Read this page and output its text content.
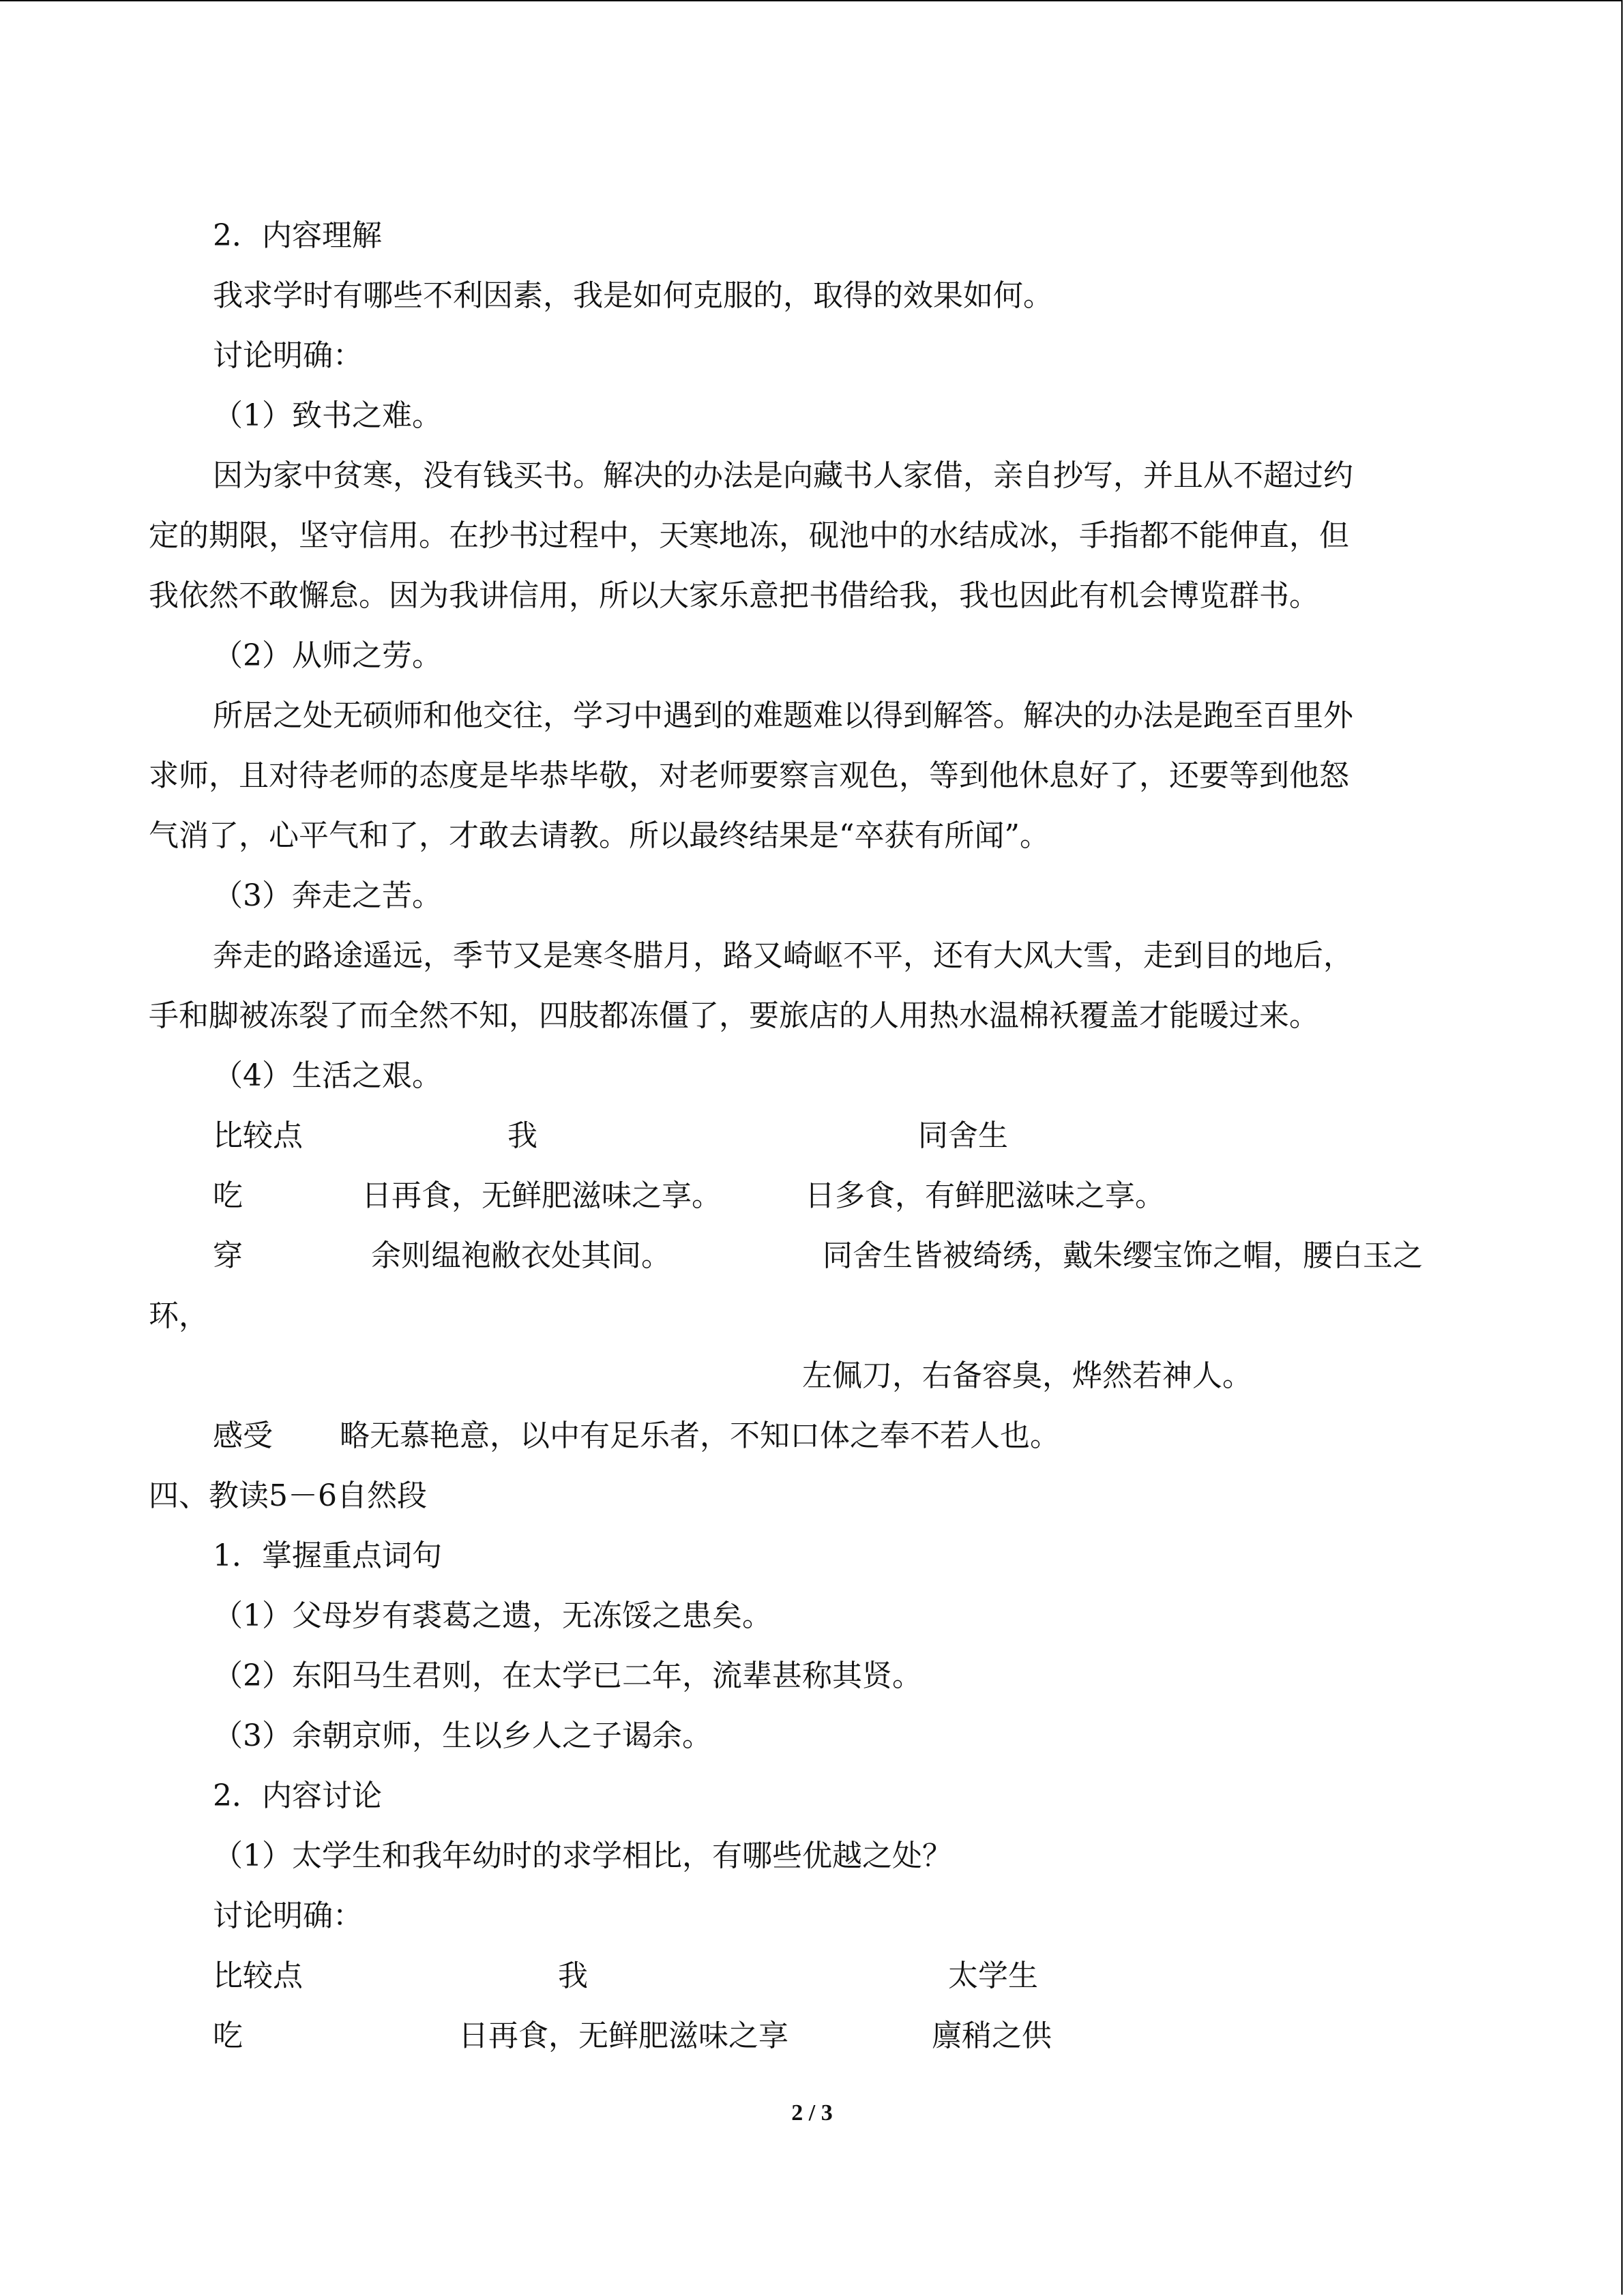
2．内容理解
我求学时有哪些不利因素，我是如何克服的，取得的效果如何。
讨论明确：
（1）致书之难。
因为家中贫寒，没有钱买书。解决的办法是向藏书人家借，亲自抄写，并且从不超过约
定的期限，坚守信用。在抄书过程中，天寒地冻，砚池中的水结成冰，手指都不能伸直，但
我依然不敢懈怠。因为我讲信用，所以大家乐意把书借给我，我也因此有机会博览群书。
（2）从师之劳。
所居之处无硕师和他交往，学习中遇到的难题难以得到解答。解决的办法是跑至百里外
求师，且对待老师的态度是毕恭毕敬，对老师要察言观色，等到他休息好了，还要等到他怒
气消了，心平气和了，才敢去请教。所以最终结果是“卒获有所闻”。
（3）奔走之苦。
奔走的路途遥远，季节又是寒冬腊月，路又崎岖不平，还有大风大雪，走到目的地后，
手和脚被冻裂了而全然不知，四肢都冻僵了，要旅店的人用热水温棉袄覆盖才能暖过来。
（4）生活之艰。
比较点	我	同舍生
吃	日再食，无鲜肥滋味之享。	日多食，有鲜肥滋味之享。
穿	余则缊袍敝衣处其间。	同舍生皆被绮绣，戴朱缨宝饰之帽，腰白玉之
环，
左佩刀，右备容臭，烨然若神人。
感受 略无慕艳意，以中有足乐者，不知口体之奉不若人也。
四、教读5－6自然段
1．掌握重点词句
（1）父母岁有裘葛之遗，无冻馁之患矣。
（2）东阳马生君则，在太学已二年，流辈甚称其贤。
（3）余朝京师，生以乡人之子谒余。
2．内容讨论
（1）太学生和我年幼时的求学相比，有哪些优越之处？
讨论明确：
比较点	我	太学生
吃	日再食，无鲜肥滋味之享	廪稍之供
2 / 3
